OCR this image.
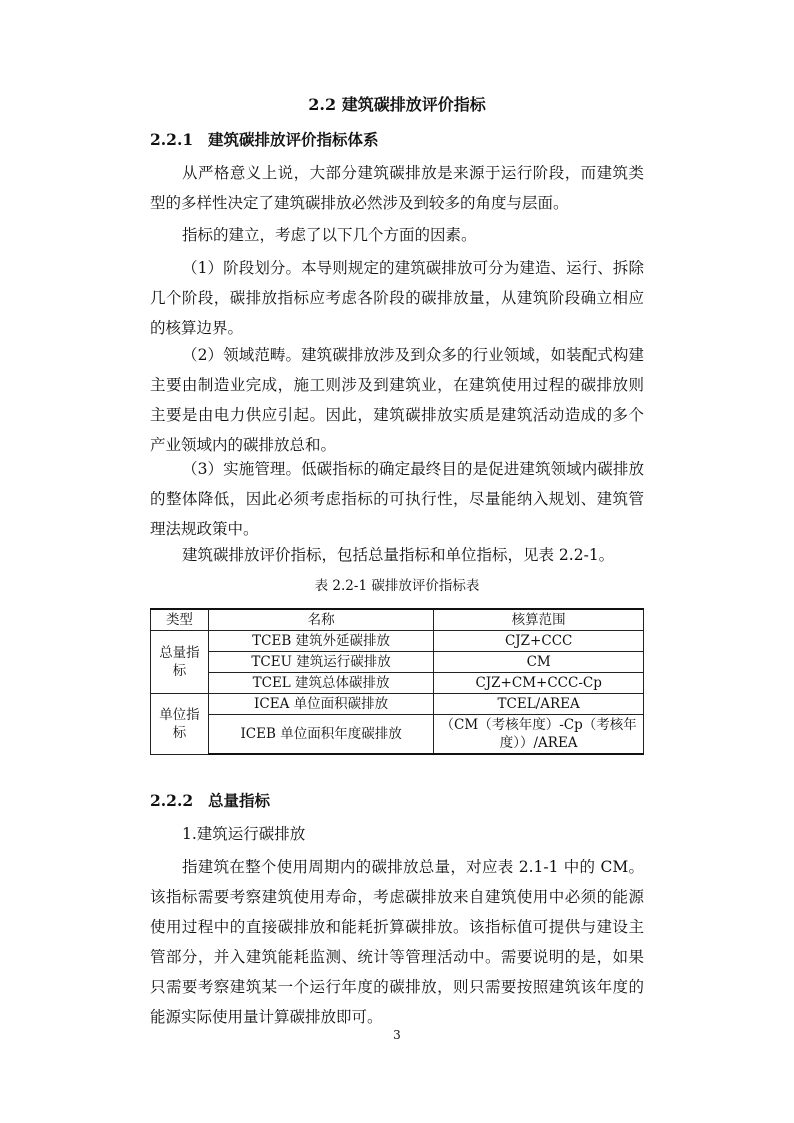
2.2 建筑碳排放评价指标
2.2.1 建筑碳排放评价指标体系

从严格意义上说，大部分建筑碳排放是来源于运行阶段，而建筑类型的多样性决定了建筑碳排放必然涉及到较多的角度与层面。

指标的建立，考虑了以下几个方面的因素。

（1）阶段划分。本导则规定的建筑碳排放可分为建造、运行、拆除几个阶段，碳排放指标应考虑各阶段的碳排放量，从建筑阶段确立相应的核算边界。

（2）领域范畴。建筑碳排放涉及到众多的行业领域，如装配式构建主要由制造业完成，施工则涉及到建筑业，在建筑使用过程的碳排放则主要是由电力供应引起。因此，建筑碳排放实质是建筑活动造成的多个产业领域内的碳排放总和。

（3）实施管理。低碳指标的确定最终目的是促进建筑领域内碳排放的整体降低，因此必须考虑指标的可执行性，尽量能纳入规划、建筑管理法规政策中。

建筑碳排放评价指标，包括总量指标和单位指标，见表 2.2-1。

表 2.2-1 碳排放评价指标表
类型	名称	核算范围
总量指标	TCEB 建筑外延碳排放	CJZ+CCC
	TCEU 建筑运行碳排放	CM
	TCEL 建筑总体碳排放	CJZ+CM+CCC-Cp
单位指标	ICEA 单位面积碳排放	TCEL/AREA
	ICEB 单位面积年度碳排放	（CM（考核年度）-Cp（考核年度））/AREA
2.2.2 总量指标

1.建筑运行碳排放

指建筑在整个使用周期内的碳排放总量，对应表 2.1-1 中的 CM。该指标需要考察建筑使用寿命，考虑碳排放来自建筑使用中必须的能源使用过程中的直接碳排放和能耗折算碳排放。该指标值可提供与建设主管部分，并入建筑能耗监测、统计等管理活动中。需要说明的是，如果只需要考察建筑某一个运行年度的碳排放，则只需要按照建筑该年度的能源实际使用量计算碳排放即可。

3
